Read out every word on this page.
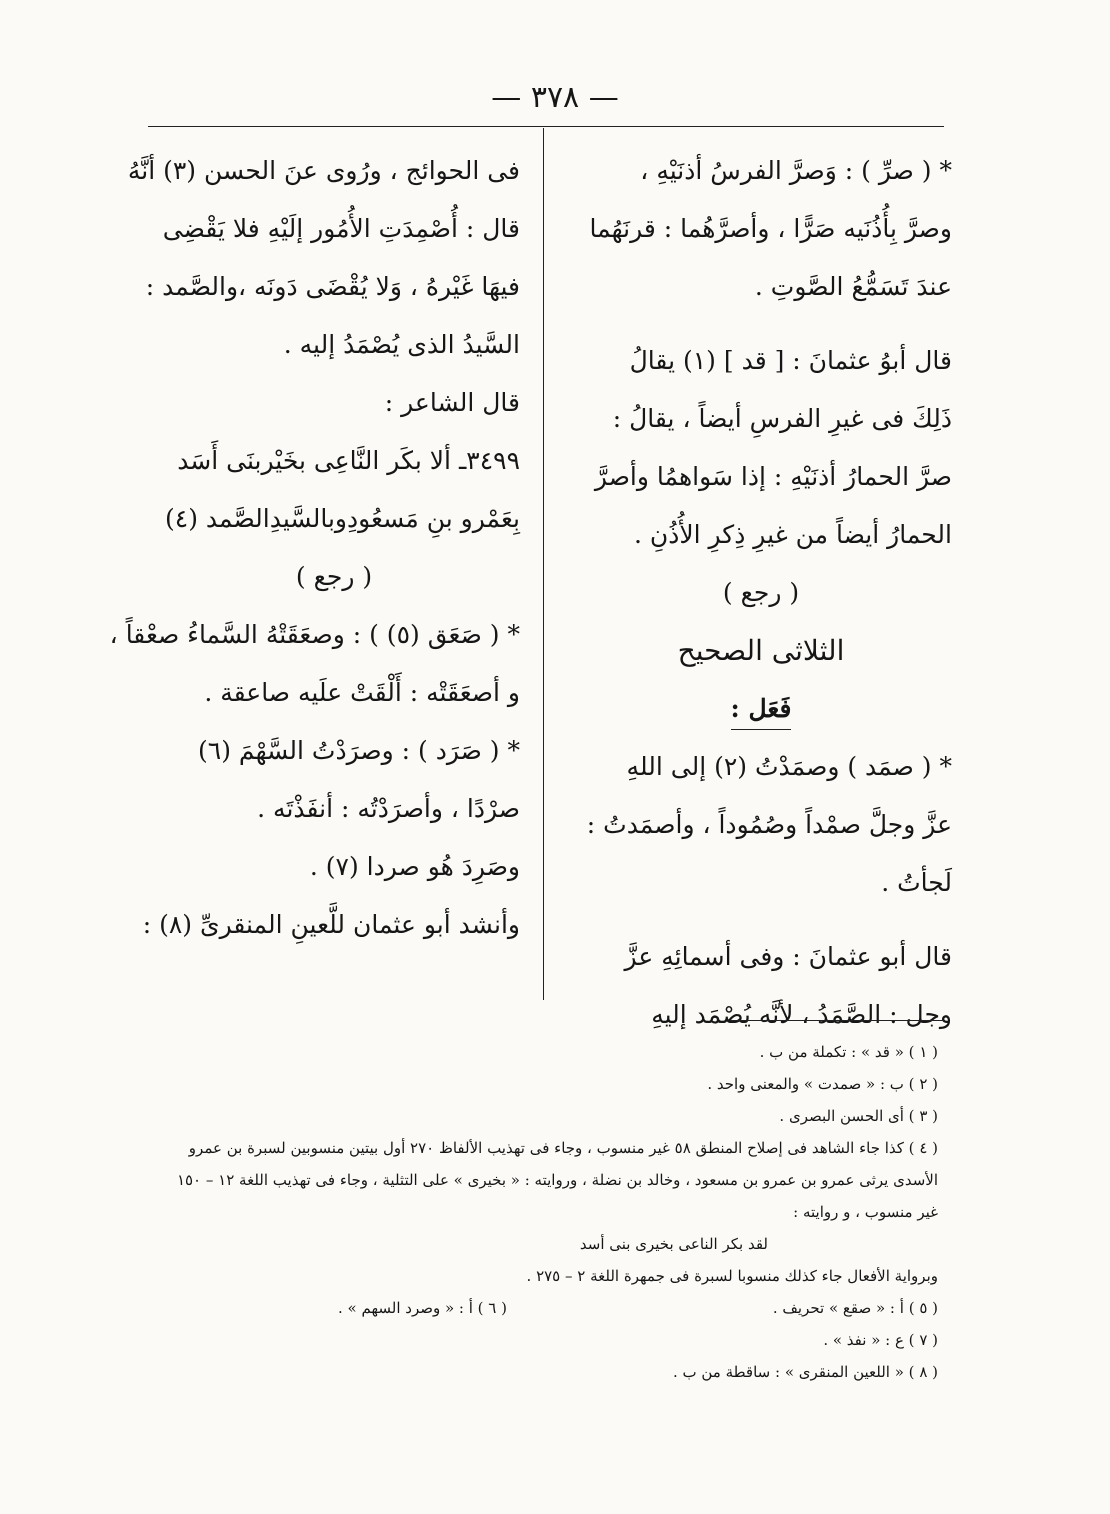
— ٣٧٨ —

* ( صرِّ ) : وَصرَّ الفرسُ أذنَيْهِ ،

وصرَّ بِأُذُنَيه صَرًّا ، وأصرَّهُما : قرنَهُما

عندَ تَسَمُّعُ الصَّوتِ .

قال أبوُ عثمانَ : [ قد ] (١) يقالُ

ذَلِكَ فى غيرِ الفرسِ أيضاً ، يقالُ :

صرَّ الحمارُ أذنَيْهِ : إذا سَواهمُا وأصرَّ

الحمارُ أيضاً من غيرِ ذِكرِ الأُذُنِ .

( رجع )

الثلاثى الصحيح

فَعَل :

* ( صمَد ) وصمَدْتُ (٢) إلى اللهِ

عزَّ وجلَّ صمْداً وصُمُوداً ، وأصمَدتُ :

لَجأتُ .

قال أبو عثمانَ : وفى أسمائِهِ عزَّ

وجل : الصَّمَدُ ، لأنَّه يُصْمَد إليهِ

فى الحوائج ، ورُوى عنَ الحسن (٣) أنَّهُ

قال : أُصْمِدَتِ الأُمُور إلَيْهِ فلا يَقْضِى

فيهَا غَيْرهُ ، وَلا يُقْضَى دَونَه ،والصَّمد :

السَّيدُ الذى يُصْمَدُ إليه .

قال الشاعر :

٣٤٩٩ـ ألا بكَر النَّاعِى بخَيْربنَى أَسَد

بِعَمْرو بنِ مَسعُودِوبالسَّيدِالصَّمد (٤)

( رجع )

* ( صَعَق (٥) ) : وصعَقَتْهُ السَّماءُ صعْقاً ،

و أصعَقَتْه : أَلْقَتْ علَيه صاعقة .

* ( صَرَد ) : وصرَدْتُ السَّهْمَ (٦)

صرْدًا ، وأصرَدْتُه : أنفَذْتَه .

وصَرِدَ هُو صردا (٧) .

وأنشد أبو عثمان للَّعينِ المنقرىِّ (٨) :

( ١ ) « قد » : تكملة من ب .

( ٢ ) ب : « صمدت » والمعنى واحد .

( ٣ ) أى الحسن البصرى .

( ٤ ) كذا جاء الشاهد فى إصلاح المنطق ٥٨ غير منسوب ، وجاء فى تهذيب الألفاظ ٢٧٠ أول بيتين منسوبين لسبرة بن عمرو

الأسدى يرثى عمرو بن عمرو بن مسعود ، وخالد بن نضلة ، وروايته : « بخيرى » على التثلية ، وجاء فى تهذيب اللغة ١٢ – ١٥٠

غير منسوب ، و روايته :

لقد بكر الناعى بخيرى بنى أسد

وبرواية الأفعال جاء كذلك منسوبا لسبرة فى جمهرة اللغة ٢ – ٢٧٥ .

( ٥ ) أ : « صقع » تحريف .
( ٦ ) أ : « وصرد السهم » .

( ٧ ) ع : « نفذ » .

( ٨ ) « اللعين المنقرى » : ساقطة من ب .
